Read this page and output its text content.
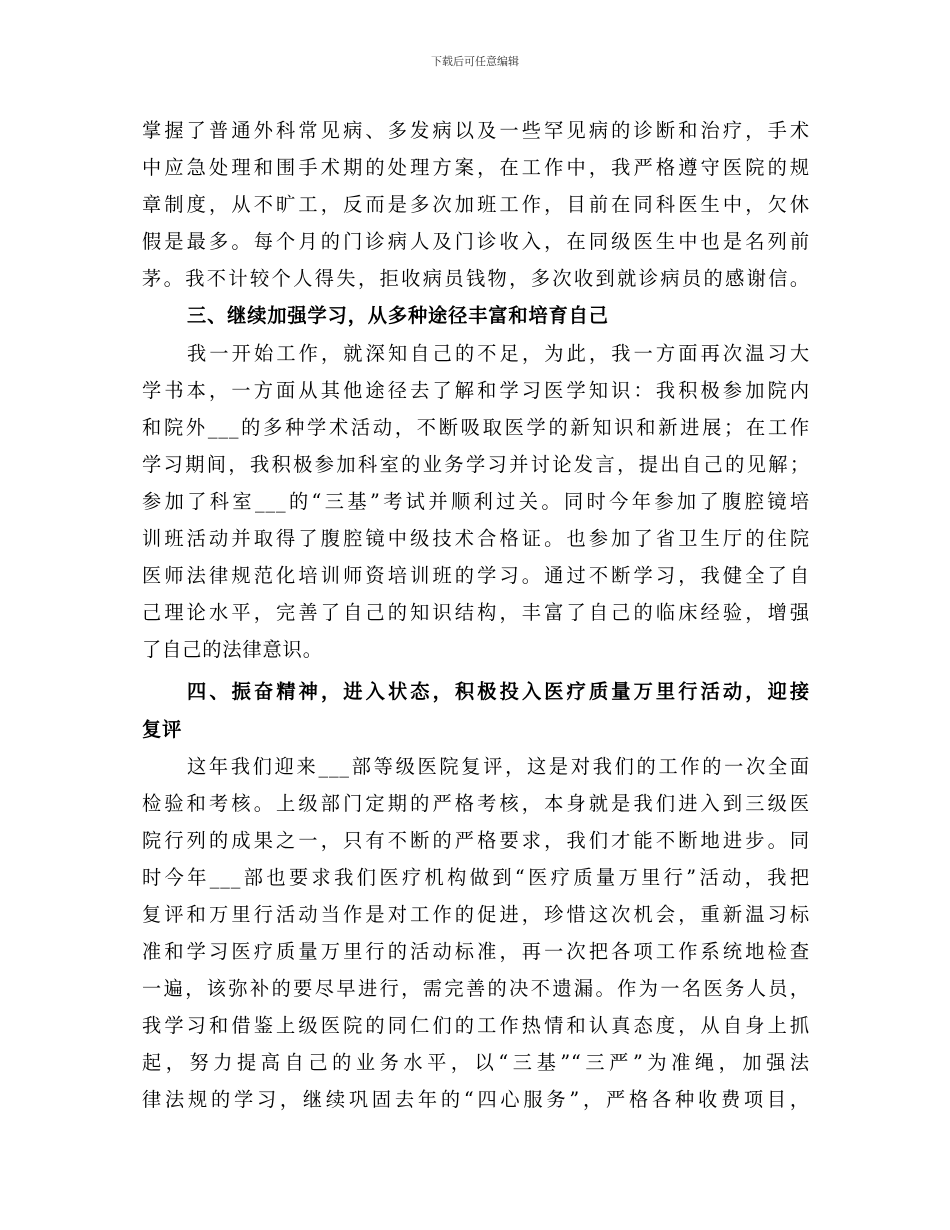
下载后可任意编辑
掌握了普通外科常见病、多发病以及一些罕见病的诊断和治疗，手术
中应急处理和围手术期的处理方案，在工作中，我严格遵守医院的规
章制度，从不旷工，反而是多次加班工作，目前在同科医生中，欠休
假是最多。每个月的门诊病人及门诊收入，在同级医生中也是名列前
茅。我不计较个人得失，拒收病员钱物，多次收到就诊病员的感谢信。
三、继续加强学习，从多种途径丰富和培育自己
我一开始工作，就深知自己的不足，为此，我一方面再次温习大
学书本，一方面从其他途径去了解和学习医学知识：我积极参加院内
和院外___的多种学术活动，不断吸取医学的新知识和新进展；在工作
学习期间，我积极参加科室的业务学习并讨论发言，提出自己的见解；
参加了科室___的“三基”考试并顺利过关。同时今年参加了腹腔镜培
训班活动并取得了腹腔镜中级技术合格证。也参加了省卫生厅的住院
医师法律规范化培训师资培训班的学习。通过不断学习，我健全了自
己理论水平，完善了自己的知识结构，丰富了自己的临床经验，增强
了自己的法律意识。
四、振奋精神，进入状态，积极投入医疗质量万里行活动，迎接
复评
这年我们迎来___部等级医院复评，这是对我们的工作的一次全面
检验和考核。上级部门定期的严格考核，本身就是我们进入到三级医
院行列的成果之一，只有不断的严格要求，我们才能不断地进步。同
时今年___部也要求我们医疗机构做到“医疗质量万里行”活动，我把
复评和万里行活动当作是对工作的促进，珍惜这次机会，重新温习标
准和学习医疗质量万里行的活动标准，再一次把各项工作系统地检查
一遍，该弥补的要尽早进行，需完善的决不遗漏。作为一名医务人员，
我学习和借鉴上级医院的同仁们的工作热情和认真态度，从自身上抓
起，努力提高自己的业务水平，以“三基”“三严”为准绳，加强法
律法规的学习，继续巩固去年的“四心服务”，严格各种收费项目，
